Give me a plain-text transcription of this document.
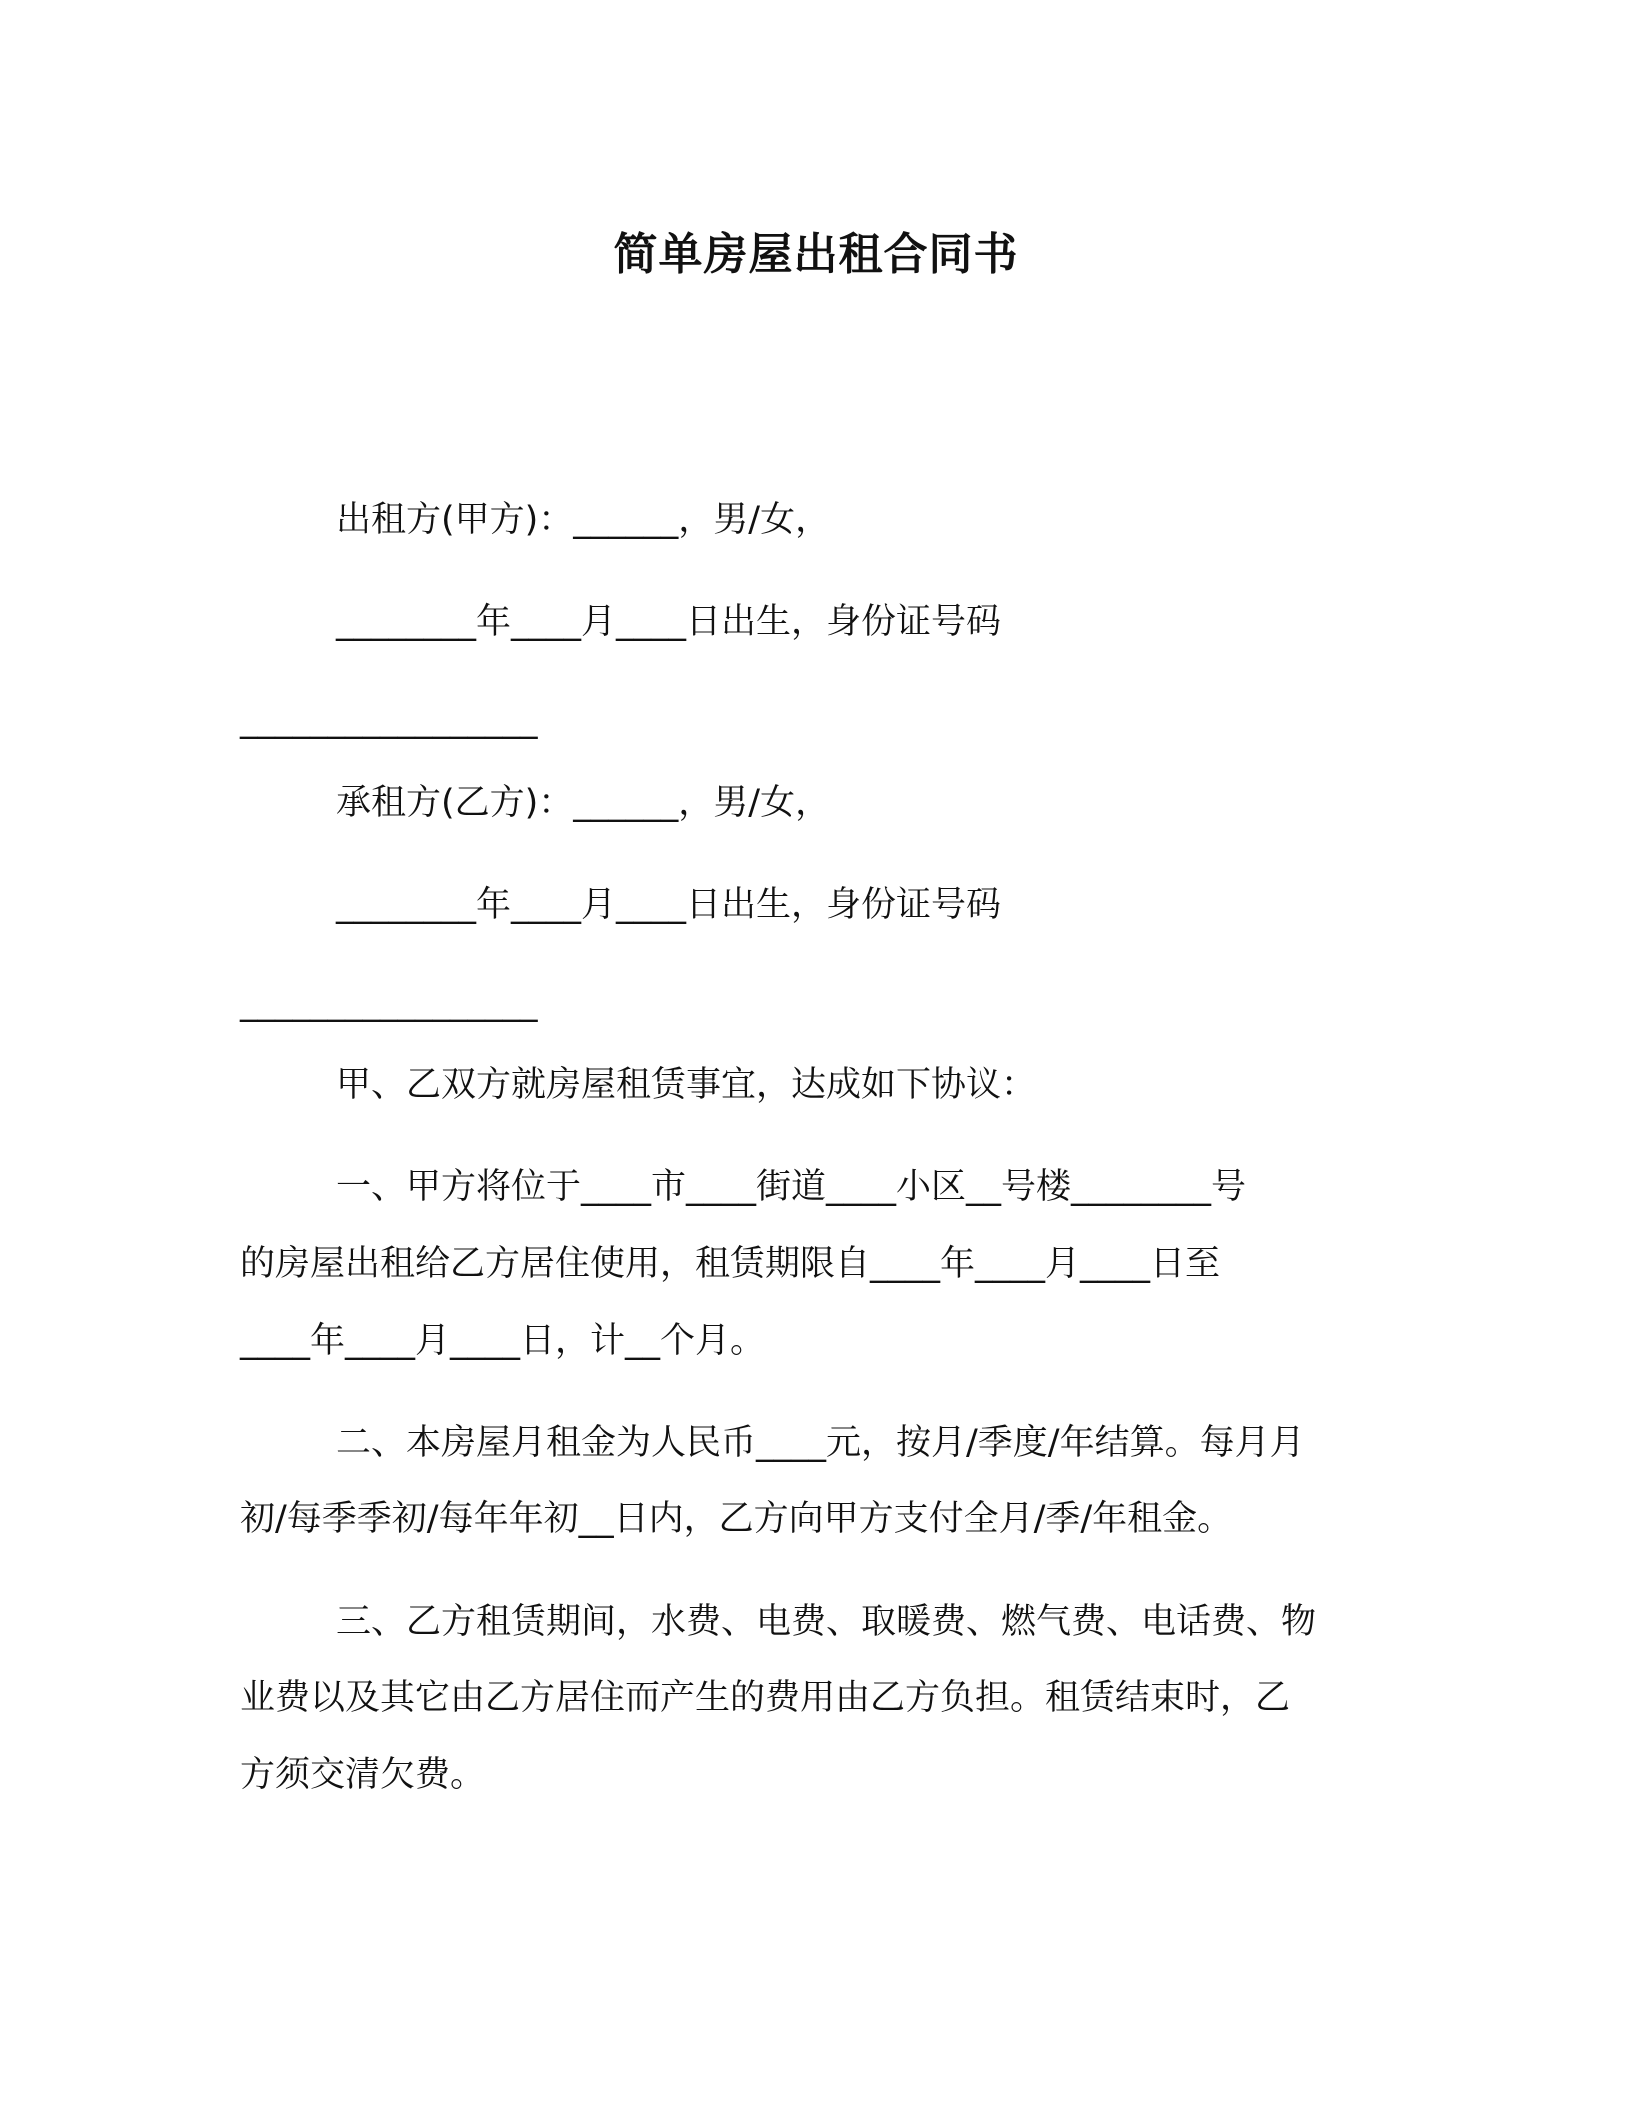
简单房屋出租合同书

出租方(甲方)：______，男/女，

________年____月____日出生，身份证号码

_________________

承租方(乙方)：______，男/女，

________年____月____日出生，身份证号码

_________________

甲、乙双方就房屋租赁事宜，达成如下协议：

一、甲方将位于____市____街道____小区__号楼________号

的房屋出租给乙方居住使用，租赁期限自____年____月____日至

____年____月____日，计__个月。

二、本房屋月租金为人民币____元，按月/季度/年结算。每月月

初/每季季初/每年年初__日内，乙方向甲方支付全月/季/年租金。

三、乙方租赁期间，水费、电费、取暖费、燃气费、电话费、物

业费以及其它由乙方居住而产生的费用由乙方负担。租赁结束时，乙

方须交清欠费。
